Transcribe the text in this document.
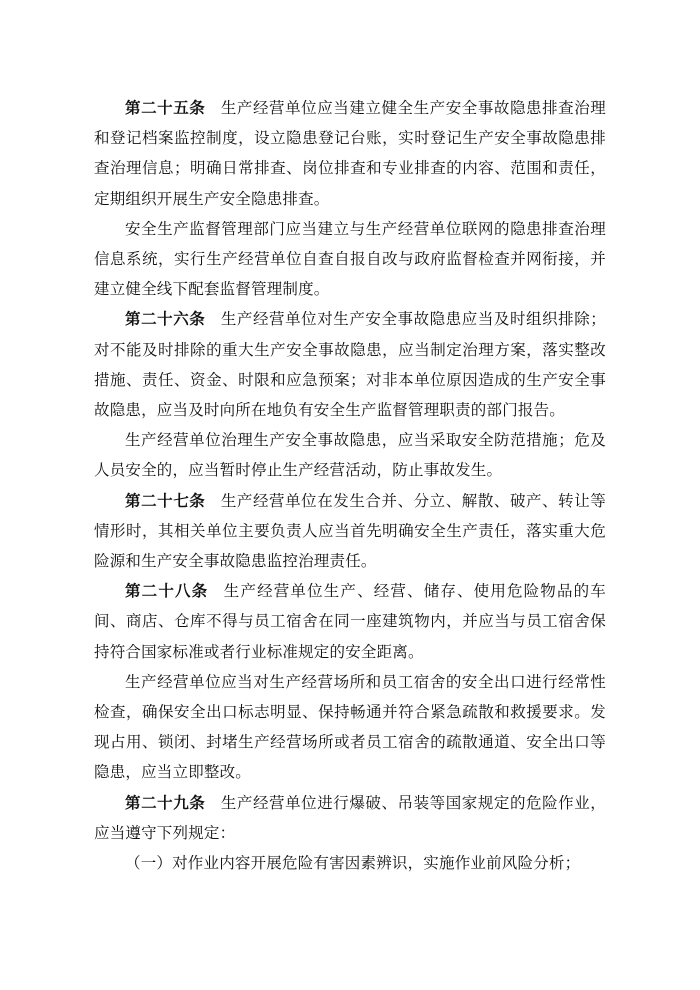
第二十五条 生产经营单位应当建立健全生产安全事故隐患排查治理和登记档案监控制度，设立隐患登记台账，实时登记生产安全事故隐患排查治理信息；明确日常排查、岗位排查和专业排查的内容、范围和责任，定期组织开展生产安全隐患排查。

安全生产监督管理部门应当建立与生产经营单位联网的隐患排查治理信息系统，实行生产经营单位自查自报自改与政府监督检查并网衔接，并建立健全线下配套监督管理制度。

第二十六条 生产经营单位对生产安全事故隐患应当及时组织排除；对不能及时排除的重大生产安全事故隐患，应当制定治理方案，落实整改措施、责任、资金、时限和应急预案；对非本单位原因造成的生产安全事故隐患，应当及时向所在地负有安全生产监督管理职责的部门报告。

生产经营单位治理生产安全事故隐患，应当采取安全防范措施；危及人员安全的，应当暂时停止生产经营活动，防止事故发生。

第二十七条 生产经营单位在发生合并、分立、解散、破产、转让等情形时，其相关单位主要负责人应当首先明确安全生产责任，落实重大危险源和生产安全事故隐患监控治理责任。

第二十八条 生产经营单位生产、经营、储存、使用危险物品的车间、商店、仓库不得与员工宿舍在同一座建筑物内，并应当与员工宿舍保持符合国家标准或者行业标准规定的安全距离。

生产经营单位应当对生产经营场所和员工宿舍的安全出口进行经常性检查，确保安全出口标志明显、保持畅通并符合紧急疏散和救援要求。发现占用、锁闭、封堵生产经营场所或者员工宿舍的疏散通道、安全出口等隐患，应当立即整改。

第二十九条 生产经营单位进行爆破、吊装等国家规定的危险作业，应当遵守下列规定：

（一）对作业内容开展危险有害因素辨识，实施作业前风险分析；
